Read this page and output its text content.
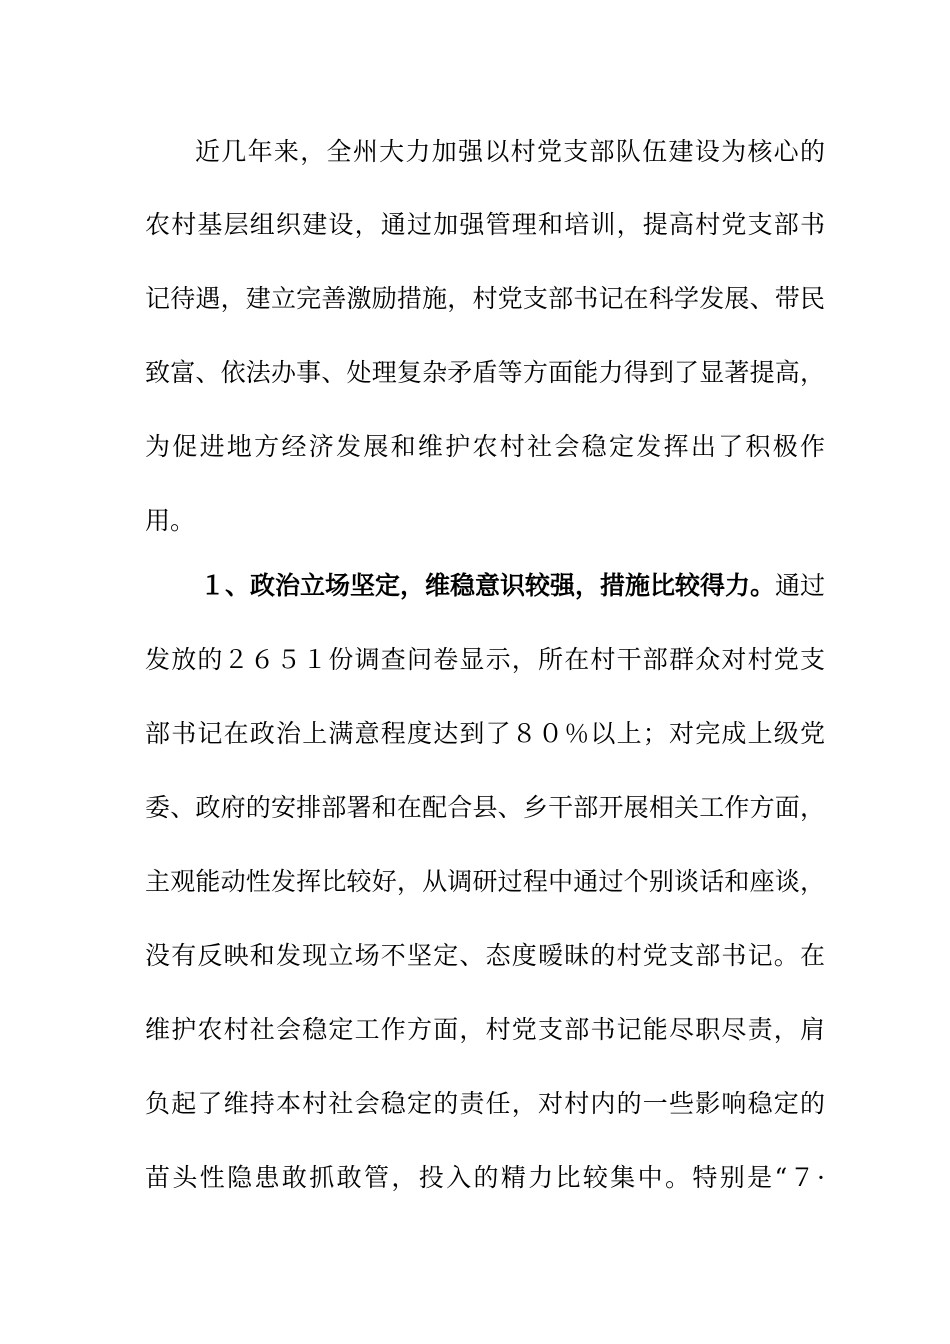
近几年来，全州大力加强以村党支部队伍建设为核心的
农村基层组织建设，通过加强管理和培训，提高村党支部书
记待遇，建立完善激励措施，村党支部书记在科学发展、带民
致富、依法办事、处理复杂矛盾等方面能力得到了显著提高，
为促进地方经济发展和维护农村社会稳定发挥出了积极作
用。
１、政治立场坚定，维稳意识较强，措施比较得力。通过
发放的２６５１份调查问卷显示，所在村干部群众对村党支
部书记在政治上满意程度达到了８０％以上；对完成上级党
委、政府的安排部署和在配合县、乡干部开展相关工作方面，
主观能动性发挥比较好，从调研过程中通过个别谈话和座谈，
没有反映和发现立场不坚定、态度暧昧的村党支部书记。在
维护农村社会稳定工作方面，村党支部书记能尽职尽责，肩
负起了维持本村社会稳定的责任，对村内的一些影响稳定的
苗头性隐患敢抓敢管，投入的精力比较集中。特别是“７·
